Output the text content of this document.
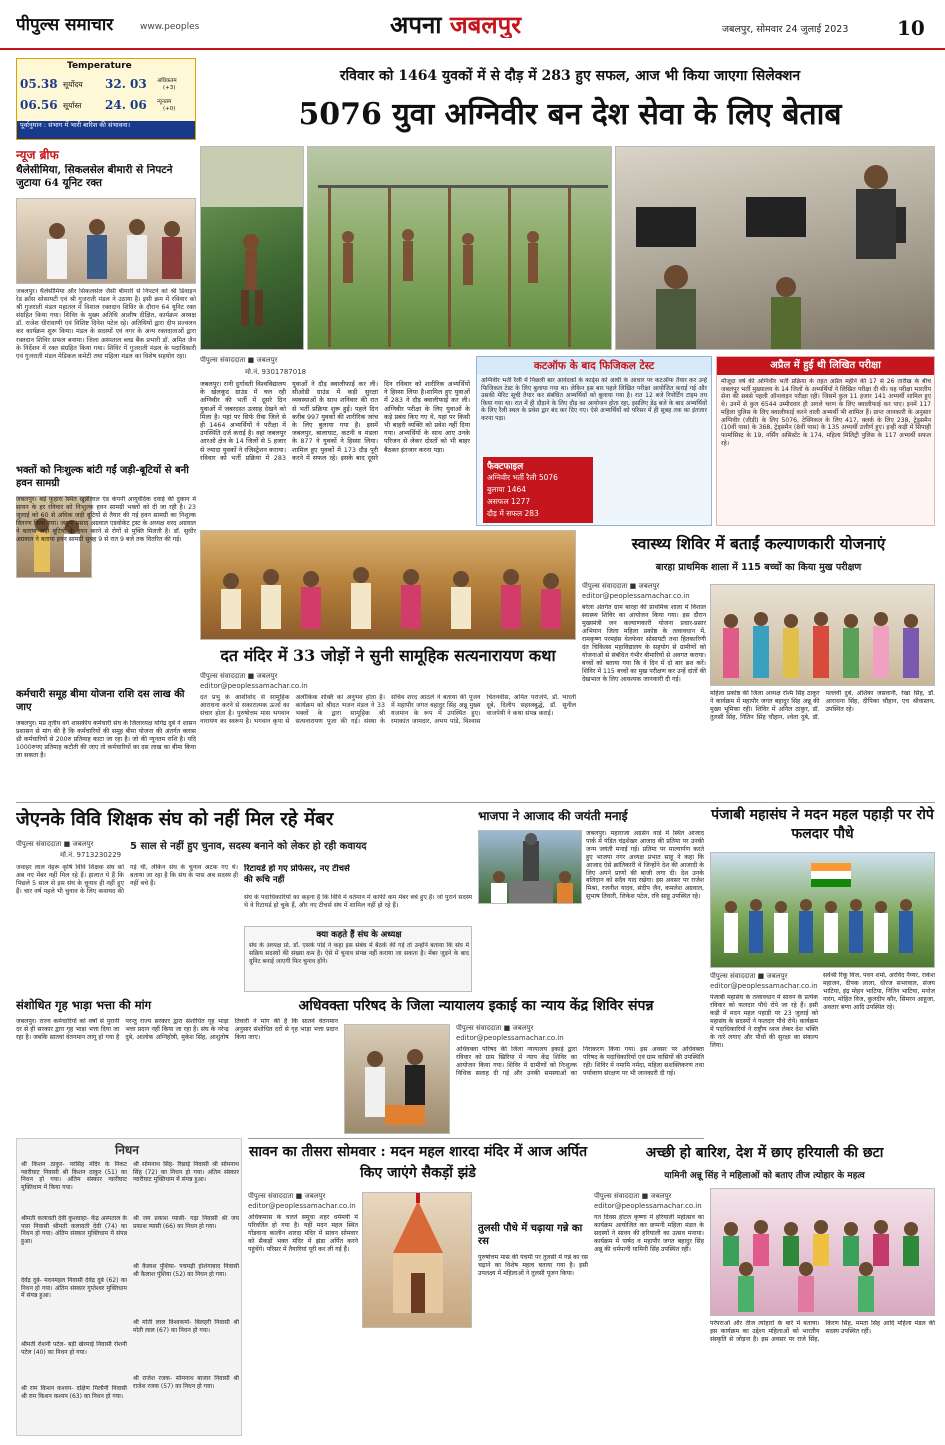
पीपुल्स समाचार	www.peoples	अपना जबलपुर	जबलपुर, सोमवार 24 जुलाई 2023	10
Temperature
05.38 सूर्योदय	32. 03	अधिकतम
(+3)
06.56 सूर्यास्त	24. 06	न्यूनतम
(+0)
पूर्वानुमान : संभाग में भारी बारिश की संभावना।
न्यूज ब्रीफ
रविवार को 1464 युवकों में से दौड़ में 283 हुए सफल, आज भी किया जाएगा सिलेक्शन
5076 युवा अग्निवीर बन देश सेवा के लिए बेताब
पीपुल्स संवाददाता ■ जबलपुर
मो.नं. 9301787018
जबलपुर। रानी दुर्गावती विश्वविद्यालय के खेलकूद ग्राउंड में चल रही अग्निवीर की भर्ती में दूसरे दिन युवाओं में जबरदस्त उत्साह देखने को मिला है। यहां पर सिर्फ रीवा जिले से ही 1464 अभ्यर्थियों ने परीक्षा में उपस्थिति दर्ज कराई है। वहां जबलपुर आरओ क्षेत्र के 14 जिलों से 5 हजार से ज्यादा युवकों ने रजिस्ट्रेशन कराया। रविवार को भर्ती प्रक्रिया में 283 युवाओं ने दौड़ क्वालीफाई कर ली। सीओडी ग्राउंड में कड़ी सुरक्षा व्यवस्थाओं के साथ शनिवार की रात से भर्ती प्रक्रिया शुरू हुई। पहले दिन करीब 997 युवकों की शारीरिक जांच के लिए बुलाया गया है। इसमें जबलपुर, बालाघाट, कटनी व मंडला के 877 ने युवकों ने हिस्सा लिया। शामिल हुए युवकों में 173 दौड़ पूरी करने में सफल रहे। इसके बाद दूसरे दिन रविवार को शारीरिक अभ्यर्थियों ने हिस्सा लिया है।शामिल हुए युवाओं में 283 ने दौड़ क्वालीफाई कर ली। अग्निवीर परीक्षा के लिए युवाओं के कड़े प्रबंध किए गए थे, यहां पर किसी भी बाहरी व्यक्ति को प्रवेश नहीं दिया गया। अभ्यर्थियों के साथ आए उनके परिजन से लेकर दोस्तों को भी बाहर बैठकर इंतजार करना पड़ा।
कटऑफ के बाद फिजिकल टेस्ट
अग्निवीर भर्ती रैली में पिछली बार आवेदकों के कार्ड्स को आधी के आधार पर कटऑफ तैयार कर उन्हें फिजिकल टेस्ट के लिए बुलाया गया था। लेकिन इस बार पहले लिखित परीक्षा आयोजित कराई गई और उसकी मेरिट सूची तैयार कर संबंधित अभ्यर्थियों को बुलाया गया है। रात 12 बजे रिपोर्टिंग टाइम तय किया गया था। रात में ही दौड़ाने के लिए दौड़ का आयोजन होता रहा, इसलिए डेढ़ बजे के बाद अभ्यर्थियों के लिए रैली स्थल के प्रवेश द्वार बंद कर दिए गए। ऐसे अभ्यर्थियों को परिसर में ही सुबह तक का इंतजार करना पड़ा।
फैक्टफाइल
अग्निवीर भर्ती रैली 5076
बुलाया 1464
असफल 1277
दौड़ में सफल 283
अप्रैल में हुई थी लिखित परीक्षा
मौजूदा वर्ष की अग्निवीर भर्ती प्रक्रिया के तहत अप्रैल महीने की 17 से 26 तारीख के बीच जबलपुर भर्ती मुख्यालय के 14 जिलों के अभ्यर्थियों ने लिखित परीक्षा दी थी। यह परीक्षा भारतीय सेना की सबसे पहली ऑनलाइन परीक्षा रही। जिसमें कुल 11 हजार 141 अभ्यर्थी शामिल हुए थे। उनमें से कुल 6544 उम्मीदवार ही अगले चरण के लिए क्वालीफाई कर पाए। इनमें 117 महिला पुलिस के लिए क्वालीफाई करने वाली अभ्यर्थी भी शामिल हैं। प्राप्त जानकारी के अनुसार अग्निवीर (जीडी) के लिए 5076, टेक्निकल के लिए 417, क्लर्क के लिए 238, ट्रेड्समैन (10वीं पास) के 368, ट्रेड्समैन (8वीं पास) के 135 अभ्यर्थी उत्तीर्ण हुए। इन्हीं कड़ी में सिपाही फार्मासिस्ट के 19, नर्सिंग असिस्टेंट के 174, महिला मिलिट्री पुलिस के 117 अभ्यर्थी सफल रहे।
थैलेसीमिया, सिकलसेल बीमारी से निपटने जुटाया 64 यूनिट रक्त
जबलपुर। थैलेसीमिया और सिकलसेल जैसी बीमारी से निपटने को श्री डिवाइन रेड क्रॉस सोसायटी एवं श्री गुजराती मंडल ने उठाया है। इसी क्रम में रविवार को श्री गुजराती मंडल महातल में विशाल रक्तदान शिविर के दौरान 64 यूनिट रक्त संग्रहित किया गया। शिविर के मुख्य अतिथि आशीष दीक्षित, कार्यक्रम अध्यक्ष डॉ. राजेश धीरावाणी एवं विशिष्ट दिनेश पटेल रहे। अतिथियों द्वारा दीप प्रज्वलन कर कार्यक्रम शुरू किया। मंडल के सदस्यों एवं नगर के अन्य रक्तदाताओं द्वारा रक्तदान शिविर सफल बनाया। जिला अस्पताल ब्लड बैंक प्रभारी डॉ. अमित जैन के निर्देशन में रक्त संग्रहित किया गया। शिविर में गुजराती मंडल के पदाधिकारी एवं गुजराती मंडल मेडिकल कमेटी तथा महिला मंडल का विशेष सहयोग रहा।
भक्तों को निःशुल्क बांटी गईं जड़ी-बूटियों से बनी हवन सामग्री
जबलपुर। बड़े फुहारा स्थित खुन्नीलाल एंड कंपनी आयुर्वेदिक दवाई की दुकान में सावन के हर रविवार को निःशुल्क हवन सामग्री भक्तों को दी जा रही है। 23 जुलाई को 60 से अधिक जड़ी बूटियों से तैयार की गई हवन सामग्री का निशुल्क वितरण किया गया। जमुना प्रसाद अग्रवाल एडवोकेट ट्रस्ट के अध्यक्ष शरद अग्रवाल ने बताया जड़ी बूटियों के हवन करने से रोगों से मुक्ति मिलती है। डॉ. सुधीर अग्रवाल ने बताया हवन सामग्री सुबह 9 से रात 9 बजे तक वितरित की गई।
कर्मचारी समूह बीमा योजना राशि दस लाख की जाए
जबलपुर। मप्र तृतीय वर्ग शासकीय कर्मचारी संघ के जिलाध्यक्ष योगेंद्र दुबे ने शासन प्रशासन से मांग की है कि कर्मचारियों की समूह बीमा योजना की अंतर्गत क्लास थ्री कर्मचारियों से 200रु प्रतिमाह काटा जा रहा है। जो की न्यूनतम राशि है। यदि 1000रुपए प्रतिमाह कटौती की जाए तो कर्मचारियों का दस लाख का बीमा किया जा सकता है।
दत मंदिर में 33 जोड़ों ने सुनी सामूहिक सत्यनारायण कथा
पीपुल्स संवाददाता ■ जबलपुर
editor@peoplessamachar.co.in
दत प्रभु के आशीर्वाद से सामूहिक आराधना करने से सकारात्मक ऊर्जा का संचार होता है। पुरुषोत्तम मास भगवान नारायण का स्वरूप है। भगवान कृपा से अलौकिक शक्ति का अनुभव होता है। कार्यक्रम को श्रीदत भजन मंडल ने 33 भक्तों के द्वारा सामूहिक श्री सत्यनारायण पूजा की गई। संस्था के सचिव शरद आठले ने बताया की पूजन में महापौर जगत बहादुर सिंह अन्नू मुख्य यजमान के रूप में उपस्थित हुए। रमाकांत जामदार, अभय पांडे, विश्वास चितनवीस, अमित पराजंपे, डॉ. भारती दूबे, दिलीप सहस्त्रबुद्धे, डॉ. सुनील वाजपेयी ने कथा संपन्न कराई।
स्वास्थ्य शिविर में बताईं कल्याणकारी योजनाएं
बारहा प्राथमिक शाला में 115 बच्चों का किया मुख परीक्षण
पीपुल्स संवाददाता ■ जबलपुर
editor@peoplessamachar.co.in
बरेला अंतर्गत ग्राम बारहा की प्राथमिक शाला में विशाल स्वास्थ्य शिविर का आयोजन किया गया। इस दौरान मुख्यमंत्री जन कल्याणकारी योजना प्रचार-प्रसार अभियान जिला महिला प्रकोष्ठ के तत्वावधान में, रामकृष्ण परमहंस वेलफेयर सोसायटी तथा हितकारिणी दंत चिकित्सा महाविद्यालय के सहयोग से ग्रामीणों को योजनाओं से संबंधित गंभीर बीमारियों से अवगत कराया। बच्चों को बताया गया कि वे दिन में दो बार ब्रश करें। शिविर में 115 बच्चों का मुख परीक्षण कर उन्हें दांतों की देखभाल के लिए आवश्यक जानकारी दी गई।
महिला प्रकोष्ठ की जिला अध्यक्ष रश्मि सिंह ठाकुर ने कार्यक्रम में महापौर जगत बहादुर सिंह अन्नू की मुख्य भूमिका रही। शिविर में अनिल ठाकुर, डॉ. तुलसी सिंह, नितिन सिंह चौहान, श्वेता दुबे, डॉ. पल्लवी दुबे, अंशिका जसवानी, रेखा सिंह, डॉ. आराधना सिंह, दीपिका चौहान, एच श्रीवास्तव, उपस्थित रहे।
जेएनके विवि शिक्षक संघ को नहीं मिल रहे मेंबर
5 साल से नहीं हुए चुनाव, सदस्य बनाने को लेकर हो रही कवायद
पीपुल्स संवाददाता ■ जबलपुर
मो.नं. 9713230229
जवाहर लाल नेहरू कृषि विवि शिक्षक संघ को अब नए मेंबर नहीं मिल रहे हैं। हालात ये हैं कि पिछले 5 साल से इस संघ के चुनाव ही नहीं हुए हैं। चार वर्ष पहले भी चुनाव के लिए कवायद की गई थी, लेकिन संघ के चुनाव अटक गए थे। बताया जा रहा है कि संघ के पास अब सदस्य ही नहीं बचे हैं।
रिटायर्ड हो गए प्रोफेसर, नए टीचर्स की रूचि नहीं
संघ के पदाधिकारियों का कहना है कि विवि में वर्तमान में काफी कम मेंबर बचे हुए हैं। जो पुराने सदस्य थे वे रिटायर्ड हो चुके हैं, और नए टीचर्स संघ में शामिल नहीं हो रहे हैं।
क्या कहते हैं संघ के अध्यक्ष
संघ के अध्यक्ष प्रो. डॉ. एसके पांडे ने कहा इस संबंध में बैठकें की गई तो उन्होंने बताया कि संघ में सक्रिय सदस्यों की संख्या कम है। ऐसे में चुनाव संपन्न नहीं कराया जा सकता है। मेंबर जुड़ने के बाद यूनिट बनाई जाएगी फिर चुनाव होंगे।
भाजपा ने आजाद की जयंती मनाई
जबलपुर। महाराजा अग्रसेन वार्ड में स्थित आजाद पार्क में पंडित चंद्रशेखर आजाद की प्रतिमा पर उनकी जन्म जयंती मनाई गई। प्रतिमा पर माल्यार्पण करते हुए भाजपा नगर अध्यक्ष प्रभात साहू ने कहा कि आजाद ऐसे क्रांतिकारी थे जिन्होंने देश की आजादी के लिए अपने प्राणों की बाजी लगा दी। देश उनके बलिदान को सदैव याद रखेगा। इस अवसर पर राजेश मिश्रा, रजनीश यादव, संदीप जैन, कमलेश अग्रवाल, सुभाष तिवारी, लिकेश पटेल, रवि साहू उपस्थित रहे।
पंजाबी महासंघ ने मदन महल पहाड़ी पर रोपे फलदार पौधे
पीपुल्स संवाददाता ■ जबलपुर
editor@peoplessamachar.co.in
पंजाबी महासंघ के तत्वावधान में सावन के प्रत्येक रविवार को फलदार पौधे रोपे जा रहे हैं। इसी कड़ी में मदन महल पहाड़ी पर 23 जुलाई को महासंघ के सदस्यों ने फलदार पौधे रोपे। कार्यक्रम में पदाधिकारियों ने राष्ट्रीय ध्वज लेकर देश भक्ति के नारे लगाए और पौधों की सुरक्षा का संकल्प लिया।
सर्वश्री रिंकू विज, पवन शर्मा, अरविंद नैय्यर, राकेश महाजन, दीपक लाला, धीरज सभरवाल, संजय भाटिया, इंद्र मोहन भाटिया, नितिन भाटिया, मनोज नारंग, मोहित विज, कुलदीप कौर, सिमरन आहूजा, अवतार बग्गा आदि उपस्थित रहे।
संशोधित गृह भाड़ा भत्ता की मांग
जबलपुर। राज्य कर्मचारियों को वर्षों से पुरानी दर से ही सरकार द्वारा गृह भाड़ा भत्ता दिया जा रहा है। जबकि सातवां वेतनमान लागू हो गया है परन्तु राज्य सरकार द्वारा संशोधित गृह भाड़ा भत्ता प्रदान नहीं किया जा रहा है। संघ के नरेन्द्र दुबे, आलोक अग्निहोत्री, मुकेश सिंह, आशुतोष तिवारी ने मांग की है कि सातवें वेतनमान अनुसार संशोधित दरों से गृह भाड़ा भत्ता प्रदान किया जाए।
अधिवक्ता परिषद के जिला न्यायालय इकाई का न्याय केंद्र शिविर संपन्न
पीपुल्स संवाददाता ■ जबलपुर
editor@peoplessamachar.co.in
अधिवक्ता परिषद की जिला न्यायालय इकाई द्वारा रविवार को ग्राम खिरिया में न्याय केंद्र शिविर का आयोजन किया गया। शिविर में ग्रामीणों को निःशुल्क विधिक सलाह दी गई और उनकी समस्याओं का निराकरण किया गया। इस अवसर पर अधिवक्ता परिषद के पदाधिकारियों एवं ग्राम वासियों की उपस्थिति रही। शिविर में नमामि नर्मदा, महिला सशक्तिकरण तथा पर्यावरण संरक्षण पर भी जानकारी दी गई।
निधन
श्री किशन ठाकुर- नरसिंह मंदिर के निकट ग्वारीघाट निवासी श्री किशन ठाकुर (51) का निधन हो गया। अंतिम संस्कार ग्वारीघाट मुक्तिधाम में किया गया।
श्रीमती कलावती देवी कुशवाहा- केंद्र अस्पताल के पास निवासी श्रीमती कलावती देवी (74) का निधन हो गया। अंतिम संस्कार मुक्तिधाम में संपन्न हुआ।
देवेंद्र दुबे- मदनमहल निवासी देवेंद्र दुबे (62) का निधन हो गया। अंतिम संस्कार गुप्तेश्वर मुक्तिधाम में संपन्न हुआ।
श्रीमती रोशनी पटेल- बड़ी खेरमाई निवासी रोशनी पटेल (40) का निधन हो गया।
श्री राम किशन कश्यप- दक्षिण मिलौनी निवासी श्री राम किशन कश्यप (63) का निधन हो गया।
श्री सोमनाथ सिंह- रिछाई निवासी श्री सोमनाथ सिंह (72) का निधन हो गया। अंतिम संस्कार ग्वारीघाट मुक्तिधाम में संपन्न हुआ।
श्री जय प्रकाश प्यासी- गढ़ा निवासी श्री जय प्रकाश प्यासी (66) का निधन हो गया।
श्री कैलाश पुंशिया- पचमढ़ी होशंगाबाद निवासी श्री कैलाश पुंशिया (52) का निधन हो गया।
श्री मोती लाल विश्वकर्मा- बिलहरी निवासी श्री मोती लाल (67) का निधन हो गया।
श्री राजेश रजक- सोमनाथ बाजार निवासी श्री राजेश रजक (57) का निधन हो गया।
सावन का तीसरा सोमवार : मदन महल शारदा मंदिर में आज अर्पित किए जाएंगे सैकड़ों झंडे
पीपुल्स संवाददाता ■ जबलपुर
editor@peoplessamachar.co.in
अधिकमास के चलते समूचा शहर धर्ममयी में परिवर्तित हो गया है। यहीं मदन महल स्थित गोंडवाना कालीन शारदा मंदिर में सावन सोमवार को सैकड़ों भक्त मंदिर में झंडा अर्पित करने पहुंचेंगे। परिसर में तैयारियां पूरी कर ली गई हैं।
तुलसी पौधे में चढ़ाया गन्ने का रस
पुरुषोत्तम मास की पंचमी पर तुलसी में गन्ने का रस चढ़ाने का विशेष महत्व बताया गया है। इसी उपलक्ष्य में महिलाओं ने तुलसी पूजन किया।
अच्छी हो बारिश, देश में छाए हरियाली की छटा
यामिनी अन्नू सिंह ने महिलाओं को बताए तीज त्योहार के महत्व
पीपुल्स संवाददाता ■ जबलपुर
editor@peoplessamachar.co.in
गत दिवस होटल कृष्णा में हरियाली महोत्सव का कार्यक्रम आयोजित कर छप्पनी महिला मंडल के सदस्यों ने सावन की हरियाली का उत्सव मनाया। कार्यक्रम में पार्षद व महापौर जगत बहादुर सिंह अन्नू की धर्मपत्नी यामिनी सिंह उपस्थित रहीं।
परंपराओं और तीज त्योहारों के बारे में बताया। इस कार्यक्रम का उद्देश्य महिलाओं को भारतीय संस्कृति से जोड़ना है। इस अवसर पर राजे सिंह, किरण सिंह, ममता सिंह आदि महिला मंडल की सदस्य उपस्थित रहीं।
